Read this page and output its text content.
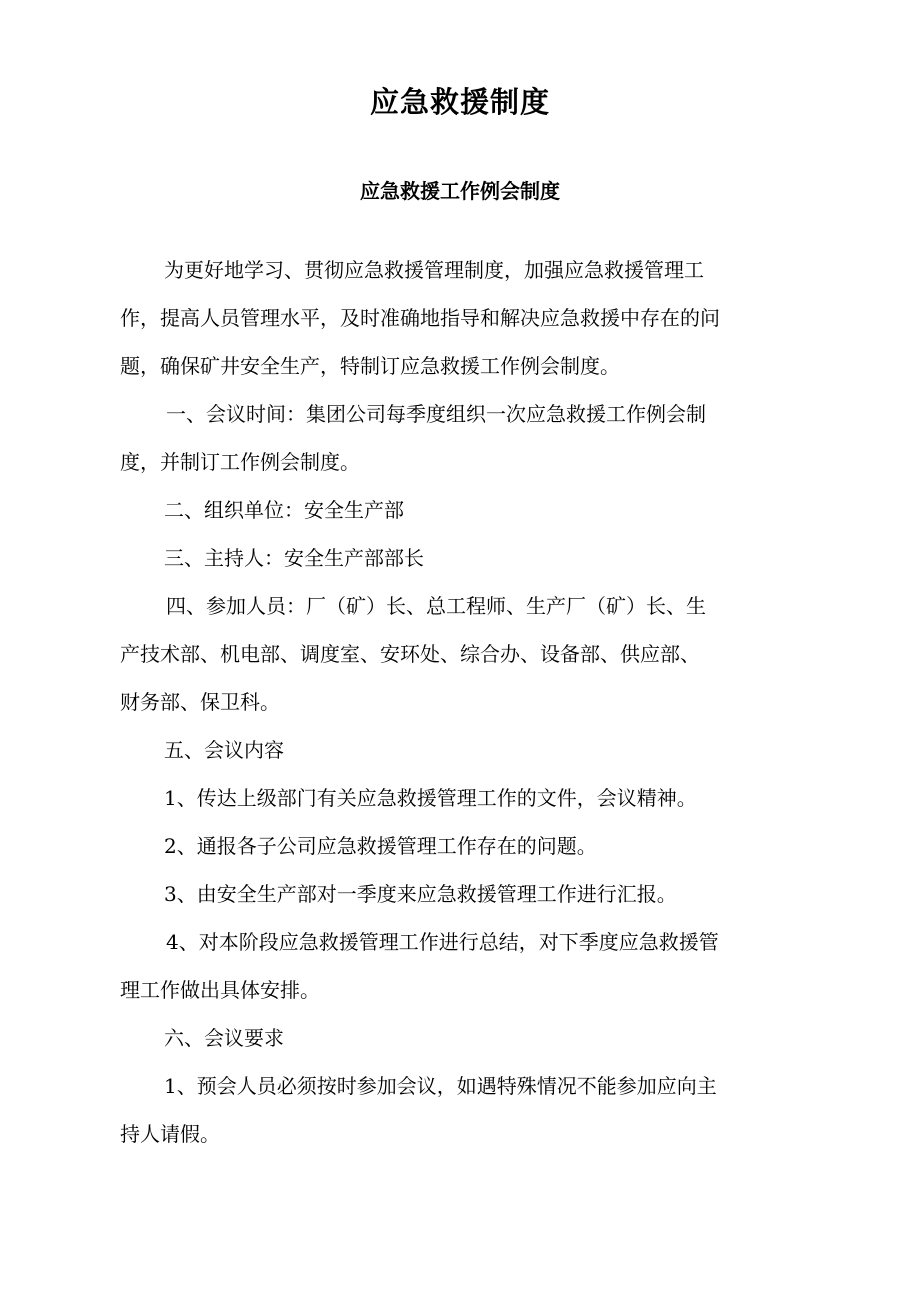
应急救援制度
应急救援工作例会制度

为更好地学习、贯彻应急救援管理制度，加强应急救援管理工
作，提高人员管理水平，及时准确地指导和解决应急救援中存在的问
题，确保矿井安全生产，特制订应急救援工作例会制度。

一、会议时间：集团公司每季度组织一次应急救援工作例会制
度，并制订工作例会制度。

二、组织单位：安全生产部

三、主持人：安全生产部部长

四、参加人员：厂（矿）长、总工程师、生产厂（矿）长、生
产技术部、机电部、调度室、安环处、综合办、设备部、供应部、
财务部、保卫科。

五、会议内容

1、传达上级部门有关应急救援管理工作的文件，会议精神。

2、通报各子公司应急救援管理工作存在的问题。

3、由安全生产部对一季度来应急救援管理工作进行汇报。

4、对本阶段应急救援管理工作进行总结，对下季度应急救援管
理工作做出具体安排。

六、会议要求

1、预会人员必须按时参加会议，如遇特殊情况不能参加应向主
持人请假。
